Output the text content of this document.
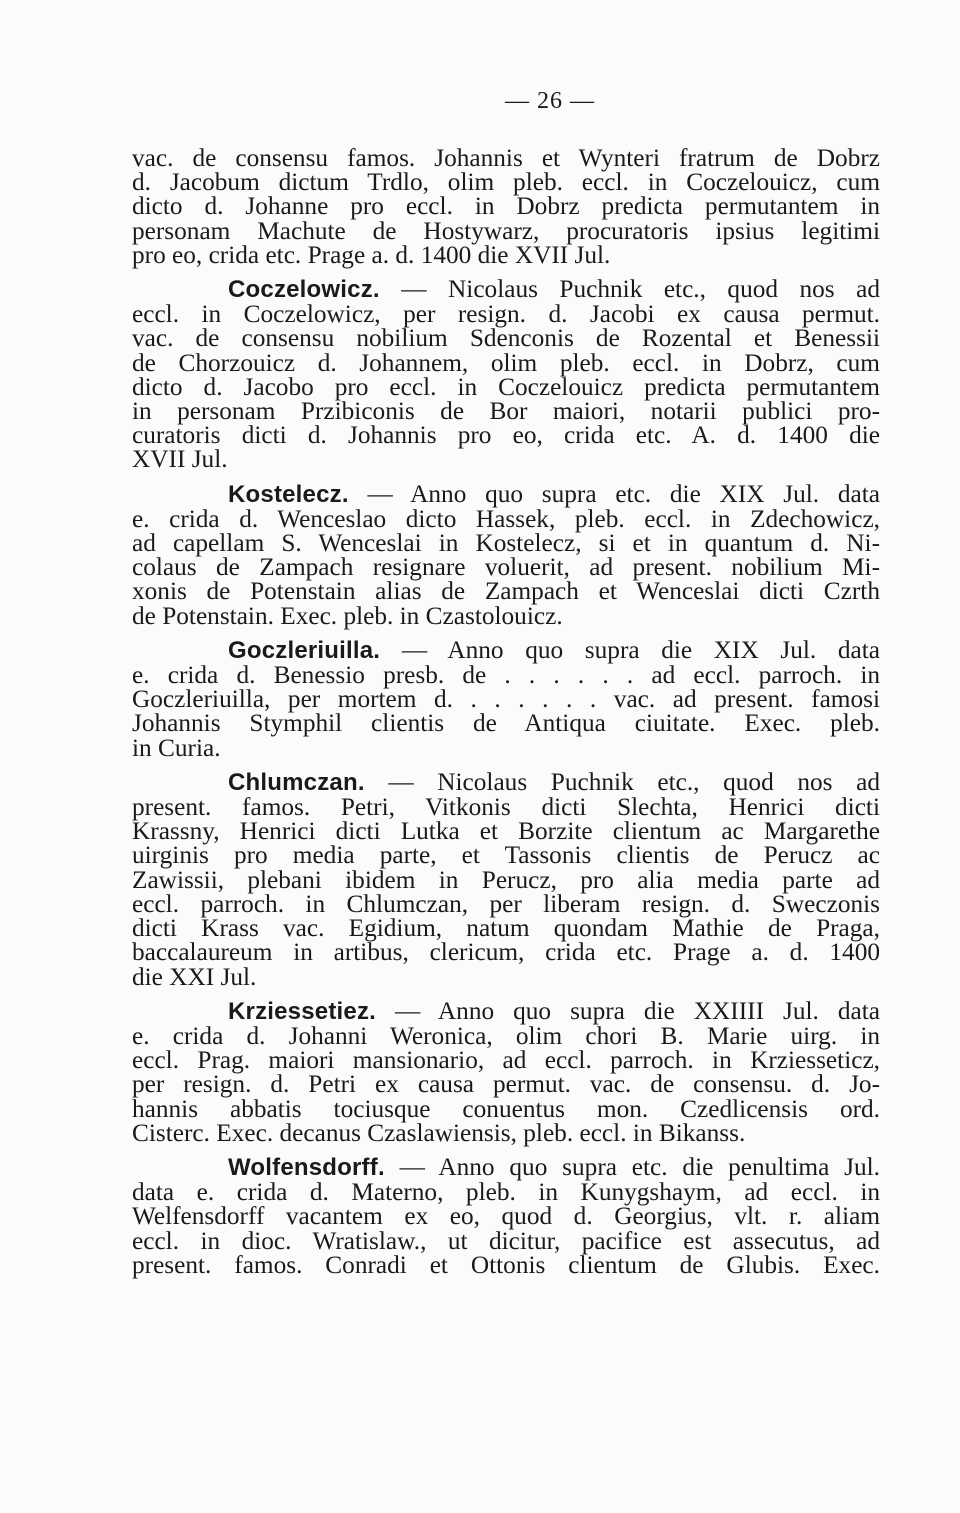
— 26 —
vac. de consensu famos. Johannis et Wynteri fratrum de Dobrz
d. Jacobum dictum Trdlo, olim pleb. eccl. in Coczelouicz, cum
dicto d. Johanne pro eccl. in Dobrz predicta permutantem in
personam Machute de Hostywarz, procuratoris ipsius legitimi
pro eo, crida etc. Prage a. d. 1400 die XVII Jul.
Coczelowicz. — Nicolaus Puchnik etc., quod nos ad
eccl. in Coczelowicz, per resign. d. Jacobi ex causa permut.
vac. de consensu nobilium Sdenconis de Rozental et Benessii
de Chorzouicz d. Johannem, olim pleb. eccl. in Dobrz, cum
dicto d. Jacobo pro eccl. in Coczelouicz predicta permutantem
in personam Przibiconis de Bor maiori, notarii publici pro-
curatoris dicti d. Johannis pro eo, crida etc. A. d. 1400 die
XVII Jul.
Kostelecz. — Anno quo supra etc. die XIX Jul. data
e. crida d. Wenceslao dicto Hassek, pleb. eccl. in Zdechowicz,
ad capellam S. Wenceslai in Kostelecz, si et in quantum d. Ni-
colaus de Zampach resignare voluerit, ad present. nobilium Mi-
xonis de Potenstain alias de Zampach et Wenceslai dicti Czrth
de Potenstain. Exec. pleb. in Czastolouicz.
Goczleriuilla. — Anno quo supra die XIX Jul. data
e. crida d. Benessio presb. de . . . . . . ad eccl. parroch. in
Goczleriuilla, per mortem d. . . . . . . vac. ad present. famosi
Johannis Stymphil clientis de Antiqua ciuitate. Exec. pleb.
in Curia.
Chlumczan. — Nicolaus Puchnik etc., quod nos ad
present. famos. Petri, Vitkonis dicti Slechta, Henrici dicti
Krassny, Henrici dicti Lutka et Borzite clientum ac Margarethe
uirginis pro media parte, et Tassonis clientis de Perucz ac
Zawissii, plebani ibidem in Perucz, pro alia media parte ad
eccl. parroch. in Chlumczan, per liberam resign. d. Sweczonis
dicti Krass vac. Egidium, natum quondam Mathie de Praga,
baccalaureum in artibus, clericum, crida etc. Prage a. d. 1400
die XXI Jul.
Krziessetiez. — Anno quo supra die XXIIII Jul. data
e. crida d. Johanni Weronica, olim chori B. Marie uirg. in
eccl. Prag. maiori mansionario, ad eccl. parroch. in Krziesseticz,
per resign. d. Petri ex causa permut. vac. de consensu. d. Jo-
hannis abbatis tociusque conuentus mon. Czedlicensis ord.
Cisterc. Exec. decanus Czaslawiensis, pleb. eccl. in Bikanss.
Wolfensdorff. — Anno quo supra etc. die penultima Jul.
data e. crida d. Materno, pleb. in Kunygshaym, ad eccl. in
Welfensdorff vacantem ex eo, quod d. Georgius, vlt. r. aliam
eccl. in dioc. Wratislaw., ut dicitur, pacifice est assecutus, ad
present. famos. Conradi et Ottonis clientum de Glubis. Exec.
